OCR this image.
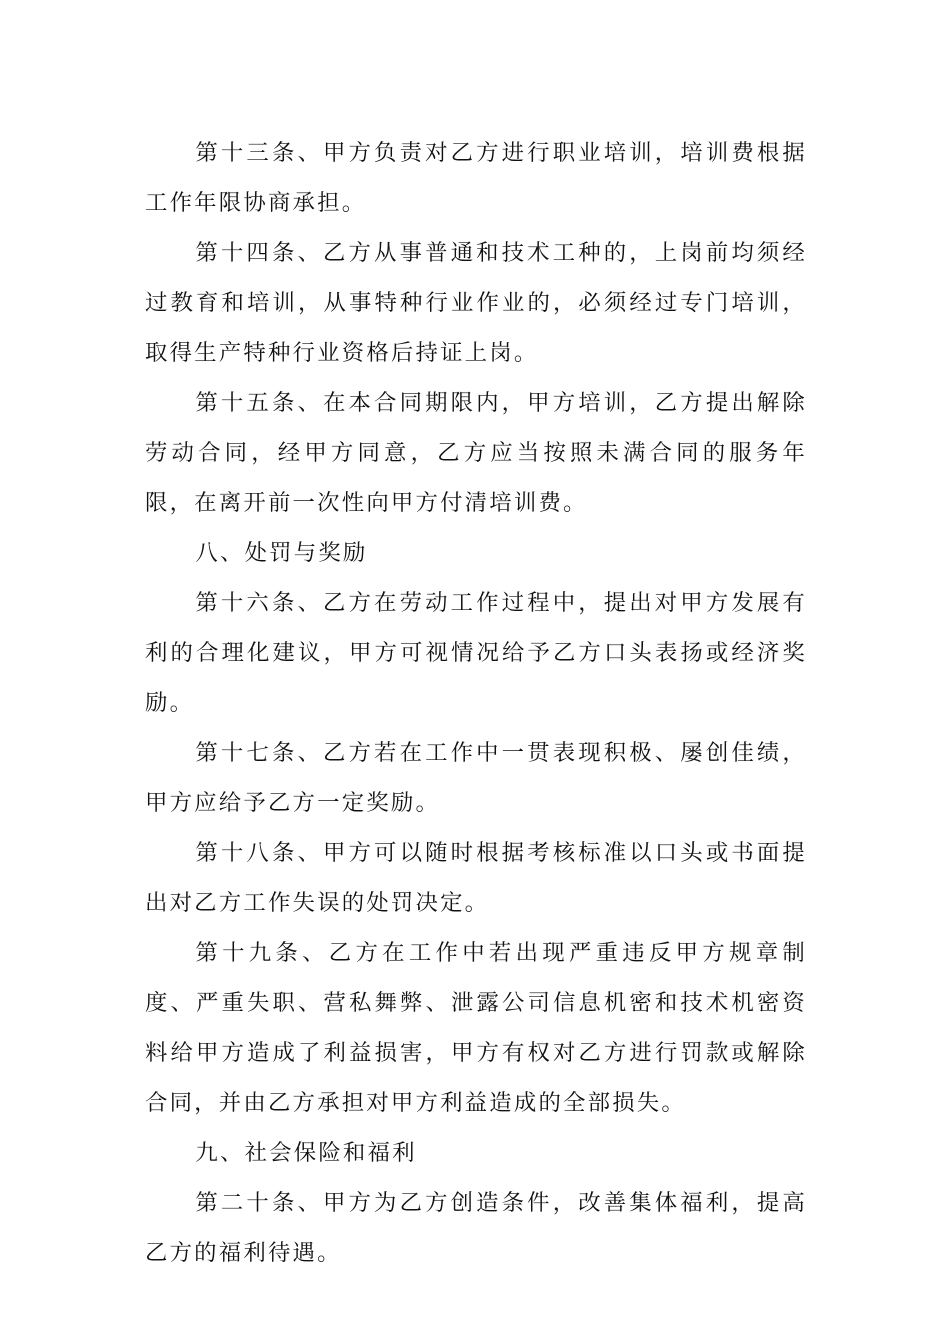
第十三条、甲方负责对乙方进行职业培训，培训费根据工作年限协商承担。

第十四条、乙方从事普通和技术工种的，上岗前均须经过教育和培训，从事特种行业作业的，必须经过专门培训，取得生产特种行业资格后持证上岗。

第十五条、在本合同期限内，甲方培训，乙方提出解除劳动合同，经甲方同意，乙方应当按照未满合同的服务年限，在离开前一次性向甲方付清培训费。

八、处罚与奖励

第十六条、乙方在劳动工作过程中，提出对甲方发展有利的合理化建议，甲方可视情况给予乙方口头表扬或经济奖励。

第十七条、乙方若在工作中一贯表现积极、屡创佳绩，甲方应给予乙方一定奖励。

第十八条、甲方可以随时根据考核标准以口头或书面提出对乙方工作失误的处罚决定。

第十九条、乙方在工作中若出现严重违反甲方规章制度、严重失职、营私舞弊、泄露公司信息机密和技术机密资料给甲方造成了利益损害，甲方有权对乙方进行罚款或解除合同，并由乙方承担对甲方利益造成的全部损失。

九、社会保险和福利

第二十条、甲方为乙方创造条件，改善集体福利，提高乙方的福利待遇。
